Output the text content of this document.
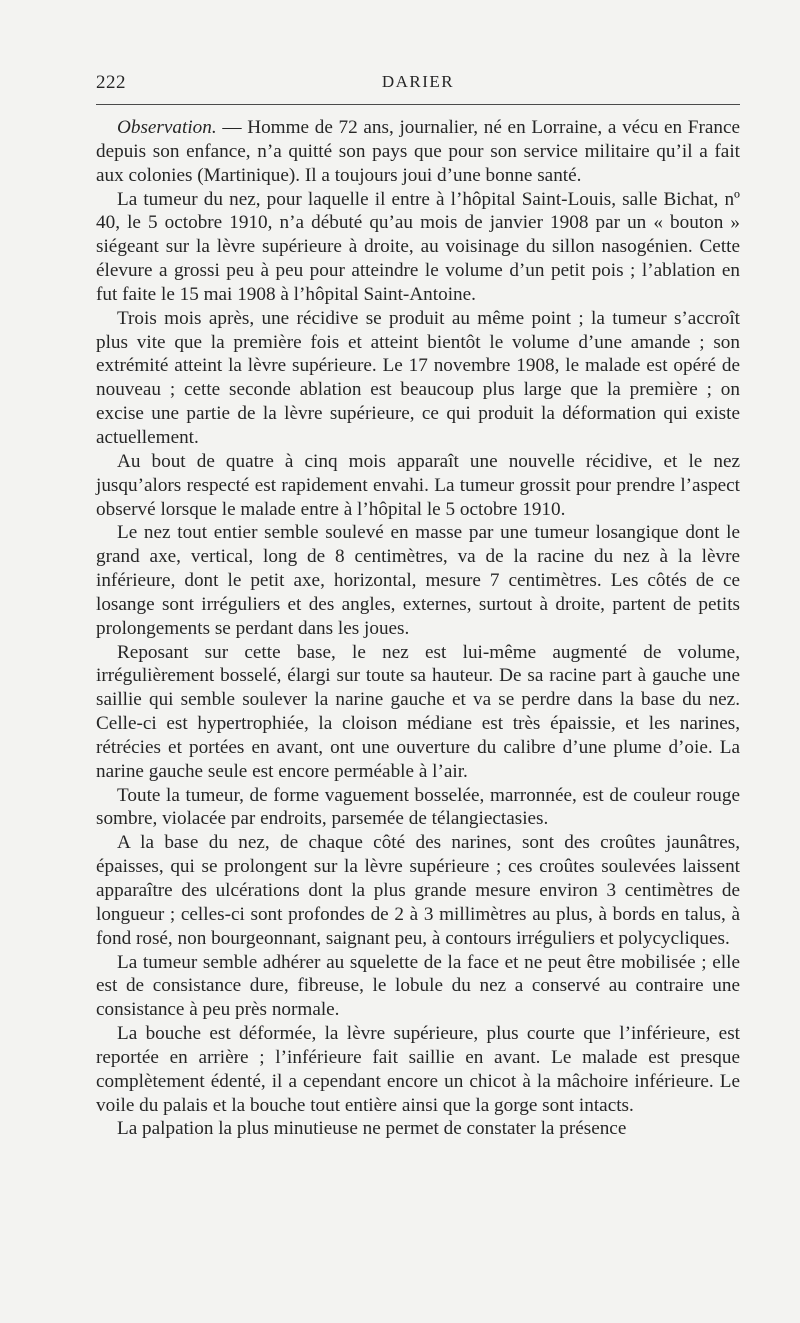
222	DARIER

Observation. — Homme de 72 ans, journalier, né en Lorraine, a vécu en France depuis son enfance, n’a quitté son pays que pour son service militaire qu’il a fait aux colonies (Martinique). Il a toujours joui d’une bonne santé.

La tumeur du nez, pour laquelle il entre à l’hôpital Saint-Louis, salle Bichat, nº 40, le 5 octobre 1910, n’a débuté qu’au mois de janvier 1908 par un « bouton » siégeant sur la lèvre supérieure à droite, au voisinage du sillon nasogénien. Cette élevure a grossi peu à peu pour atteindre le volume d’un petit pois ; l’ablation en fut faite le 15 mai 1908 à l’hôpital Saint-Antoine.

Trois mois après, une récidive se produit au même point ; la tumeur s’accroît plus vite que la première fois et atteint bientôt le volume d’une amande ; son extrémité atteint la lèvre supérieure. Le 17 novembre 1908, le malade est opéré de nouveau ; cette seconde ablation est beaucoup plus large que la première ; on excise une partie de la lèvre supérieure, ce qui produit la déformation qui existe actuellement.

Au bout de quatre à cinq mois apparaît une nouvelle récidive, et le nez jusqu’alors respecté est rapidement envahi. La tumeur grossit pour prendre l’aspect observé lorsque le malade entre à l’hôpital le 5 octobre 1910.

Le nez tout entier semble soulevé en masse par une tumeur losangique dont le grand axe, vertical, long de 8 centimètres, va de la racine du nez à la lèvre inférieure, dont le petit axe, horizontal, mesure 7 centimètres. Les côtés de ce losange sont irréguliers et des angles, externes, surtout à droite, partent de petits prolongements se perdant dans les joues.

Reposant sur cette base, le nez est lui-même augmenté de volume, irrégulièrement bosselé, élargi sur toute sa hauteur. De sa racine part à gauche une saillie qui semble soulever la narine gauche et va se perdre dans la base du nez. Celle-ci est hypertrophiée, la cloison médiane est très épaissie, et les narines, rétrécies et portées en avant, ont une ouverture du calibre d’une plume d’oie. La narine gauche seule est encore perméable à l’air.

Toute la tumeur, de forme vaguement bosselée, marronnée, est de couleur rouge sombre, violacée par endroits, parsemée de télangiectasies.

A la base du nez, de chaque côté des narines, sont des croûtes jaunâtres, épaisses, qui se prolongent sur la lèvre supérieure ; ces croûtes soulevées laissent apparaître des ulcérations dont la plus grande mesure environ 3 centimètres de longueur ; celles-ci sont profondes de 2 à 3 millimètres au plus, à bords en talus, à fond rosé, non bourgeonnant, saignant peu, à contours irréguliers et polycycliques.

La tumeur semble adhérer au squelette de la face et ne peut être mobilisée ; elle est de consistance dure, fibreuse, le lobule du nez a conservé au contraire une consistance à peu près normale.

La bouche est déformée, la lèvre supérieure, plus courte que l’inférieure, est reportée en arrière ; l’inférieure fait saillie en avant. Le malade est presque complètement édenté, il a cependant encore un chicot à la mâchoire inférieure. Le voile du palais et la bouche tout entière ainsi que la gorge sont intacts.

La palpation la plus minutieuse ne permet de constater la présence
